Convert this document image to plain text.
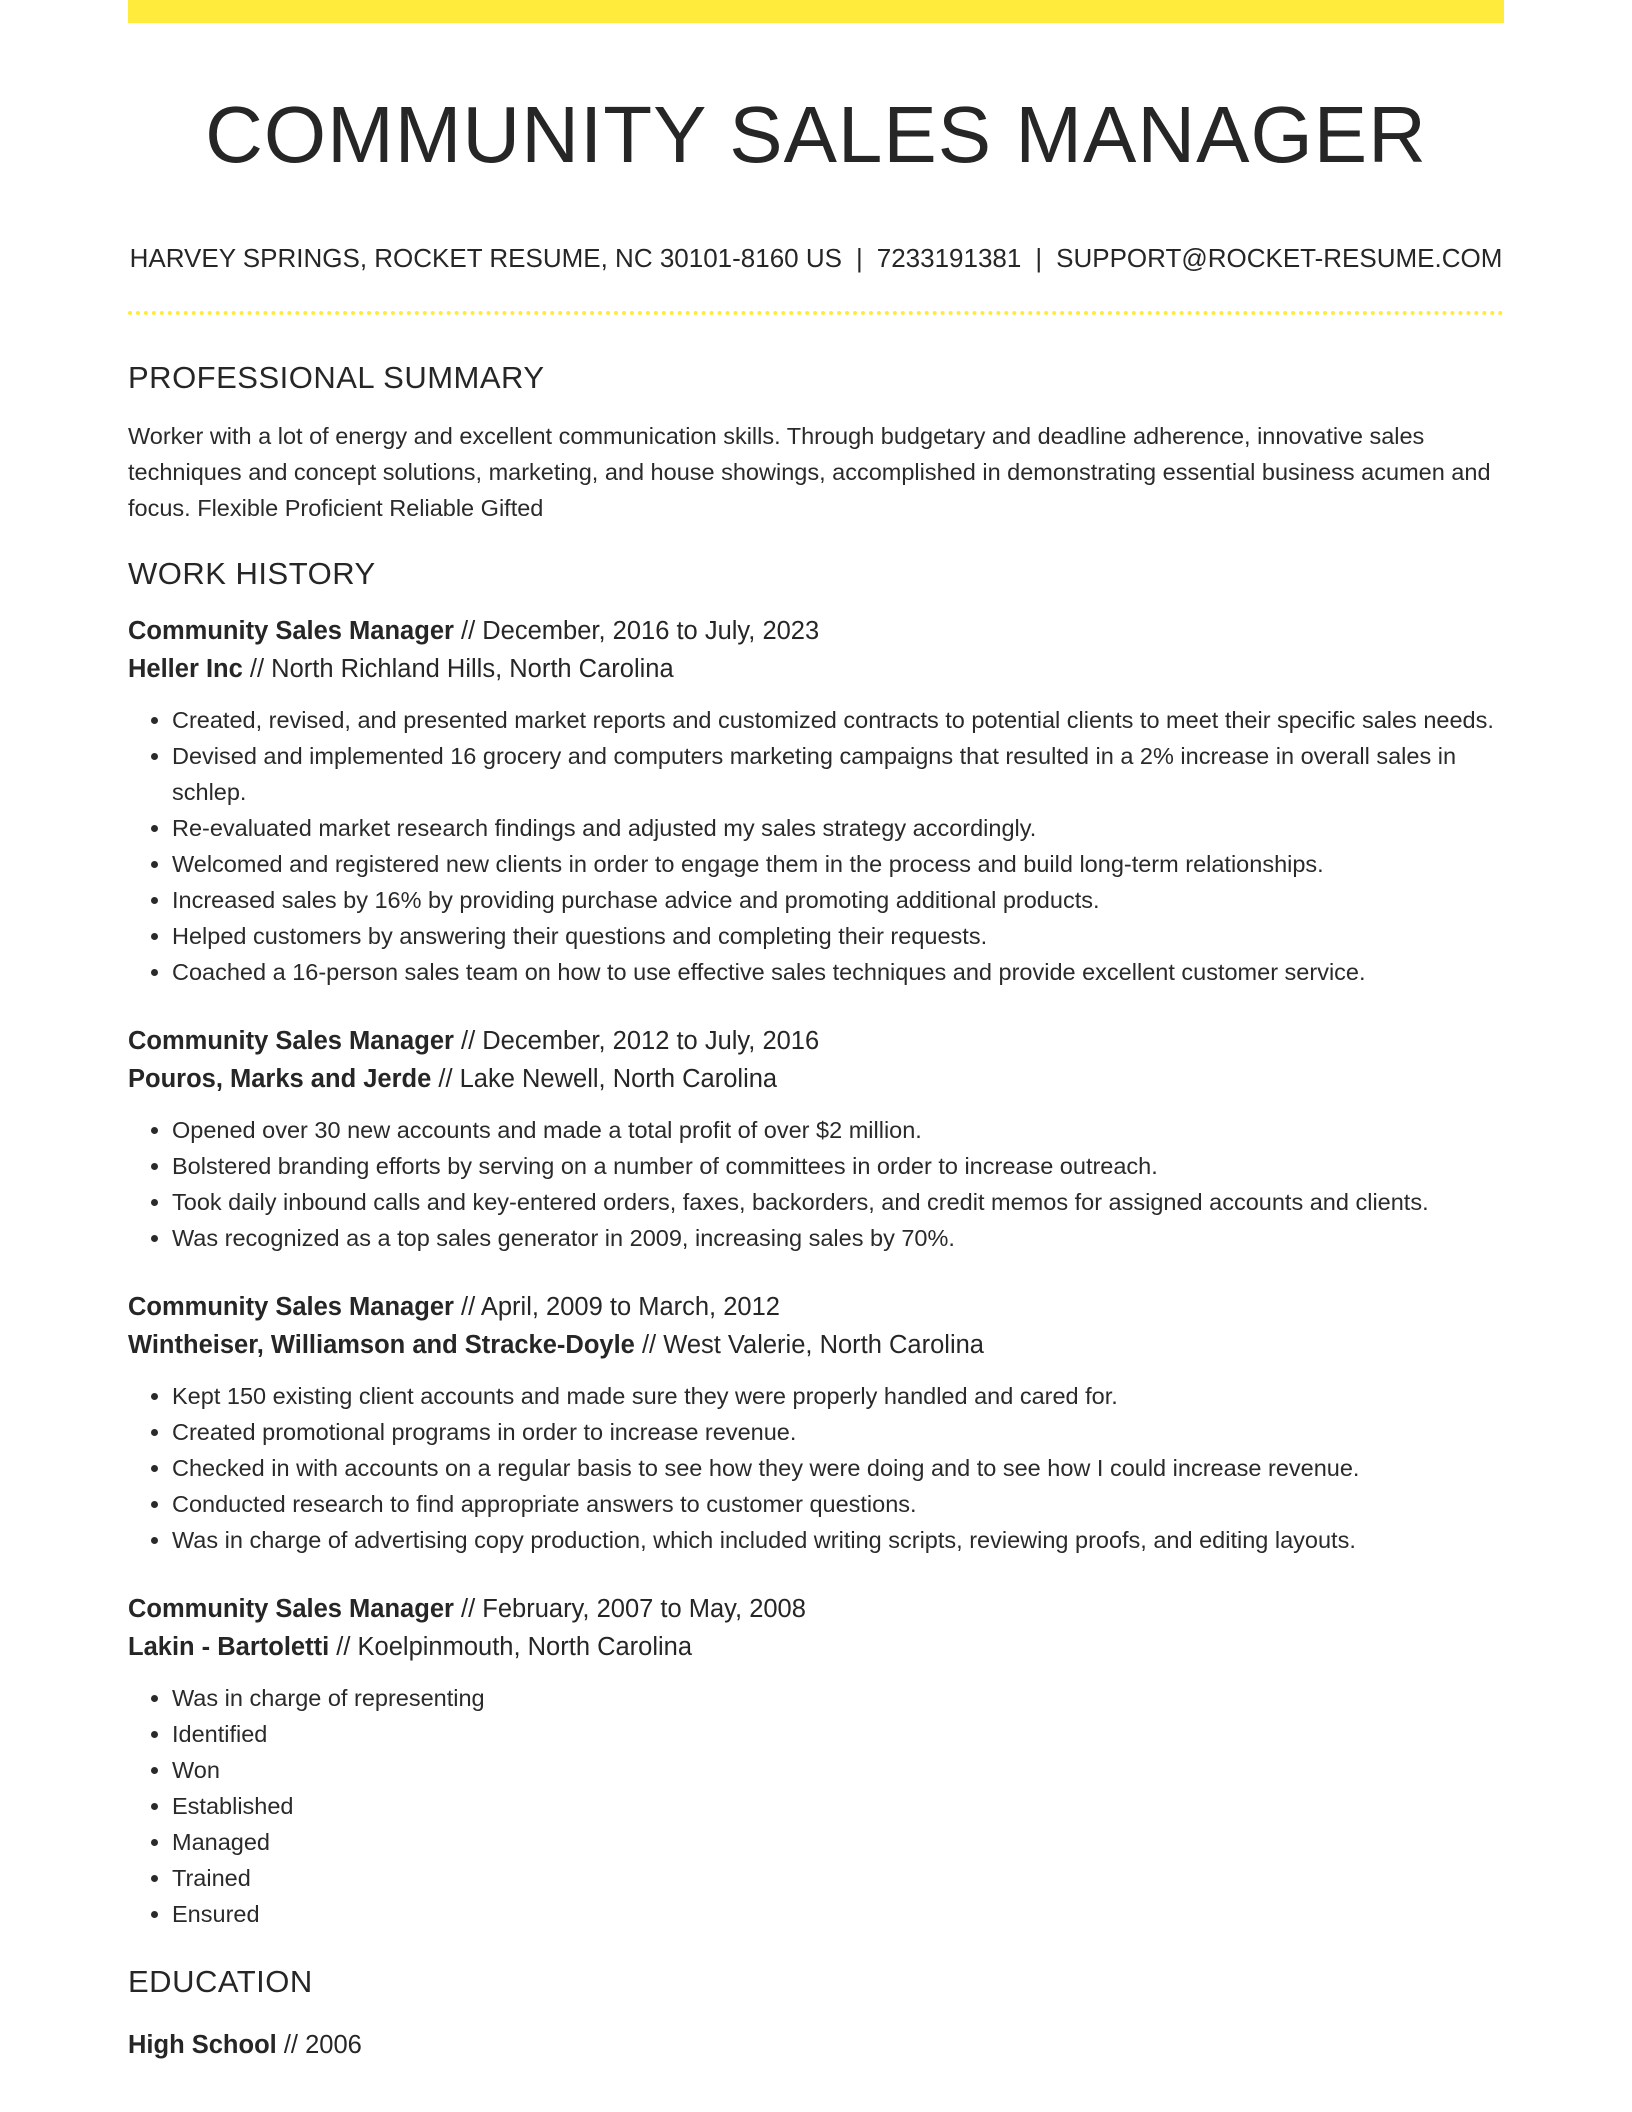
COMMUNITY SALES MANAGER
HARVEY SPRINGS, ROCKET RESUME, NC 30101-8160 US | 7233191381 | SUPPORT@ROCKET-RESUME.COM
PROFESSIONAL SUMMARY
Worker with a lot of energy and excellent communication skills. Through budgetary and deadline adherence, innovative sales techniques and concept solutions, marketing, and house showings, accomplished in demonstrating essential business acumen and focus. Flexible Proficient Reliable Gifted
WORK HISTORY
Community Sales Manager // December, 2016 to July, 2023
Heller Inc // North Richland Hills, North Carolina
• Created, revised, and presented market reports and customized contracts to potential clients to meet their specific sales needs.
• Devised and implemented 16 grocery and computers marketing campaigns that resulted in a 2% increase in overall sales in schlep.
• Re-evaluated market research findings and adjusted my sales strategy accordingly.
• Welcomed and registered new clients in order to engage them in the process and build long-term relationships.
• Increased sales by 16% by providing purchase advice and promoting additional products.
• Helped customers by answering their questions and completing their requests.
• Coached a 16-person sales team on how to use effective sales techniques and provide excellent customer service.
Community Sales Manager // December, 2012 to July, 2016
Pouros, Marks and Jerde // Lake Newell, North Carolina
• Opened over 30 new accounts and made a total profit of over $2 million.
• Bolstered branding efforts by serving on a number of committees in order to increase outreach.
• Took daily inbound calls and key-entered orders, faxes, backorders, and credit memos for assigned accounts and clients.
• Was recognized as a top sales generator in 2009, increasing sales by 70%.
Community Sales Manager // April, 2009 to March, 2012
Wintheiser, Williamson and Stracke-Doyle // West Valerie, North Carolina
• Kept 150 existing client accounts and made sure they were properly handled and cared for.
• Created promotional programs in order to increase revenue.
• Checked in with accounts on a regular basis to see how they were doing and to see how I could increase revenue.
• Conducted research to find appropriate answers to customer questions.
• Was in charge of advertising copy production, which included writing scripts, reviewing proofs, and editing layouts.
Community Sales Manager // February, 2007 to May, 2008
Lakin - Bartoletti // Koelpinmouth, North Carolina
• Was in charge of representing
• Identified
• Won
• Established
• Managed
• Trained
• Ensured
EDUCATION
High School // 2006
